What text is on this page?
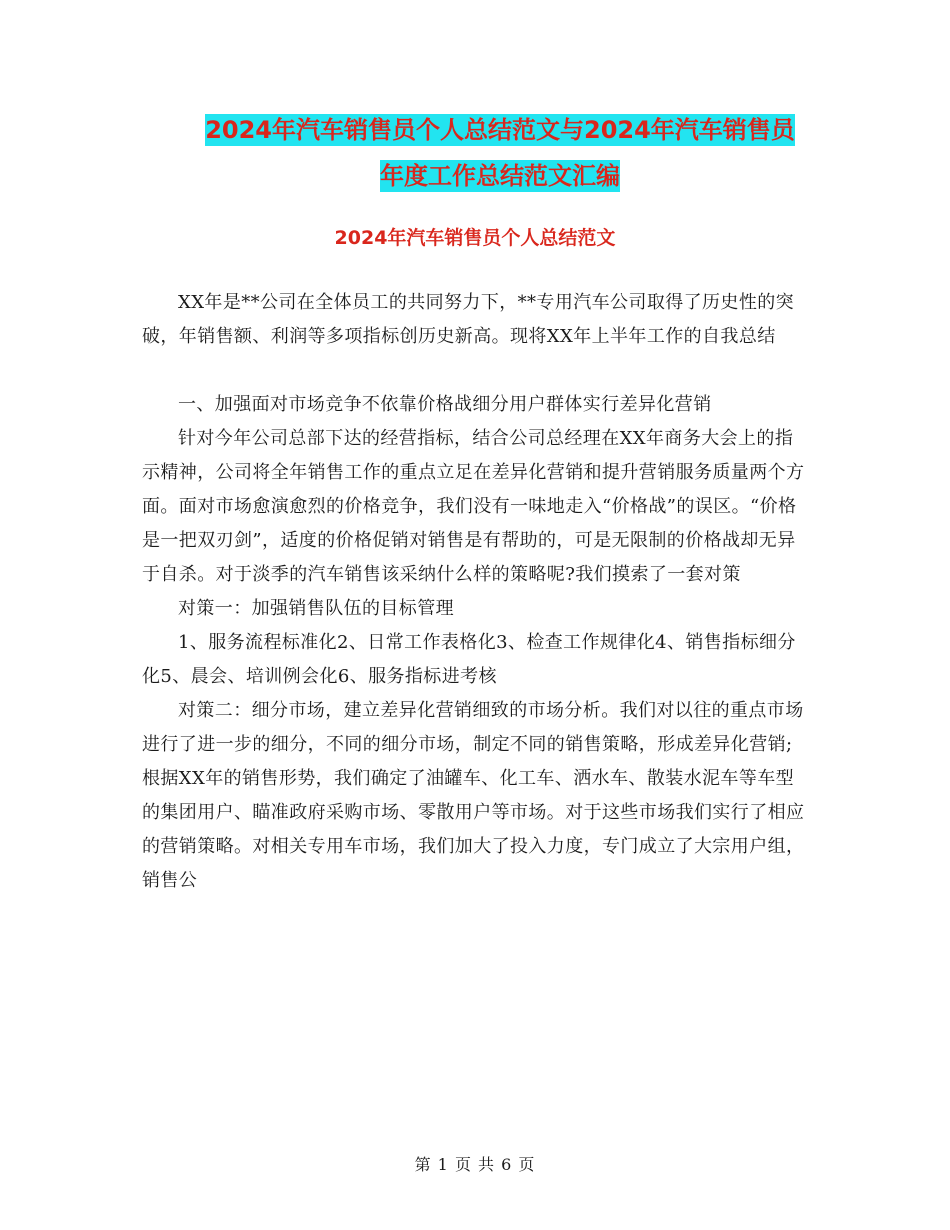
2024年汽车销售员个人总结范文与2024年汽车销售员
年度工作总结范文汇编
2024年汽车销售员个人总结范文

XX年是**公司在全体员工的共同努力下，**专用汽车公司取得了历史性的突破，年销售额、利润等多项指标创历史新高。现将XX年上半年工作的自我总结

一、加强面对市场竞争不依靠价格战细分用户群体实行差异化营销

针对今年公司总部下达的经营指标，结合公司总经理在XX年商务大会上的指示精神，公司将全年销售工作的重点立足在差异化营销和提升营销服务质量两个方面。面对市场愈演愈烈的价格竞争，我们没有一味地走入“价格战”的误区。“价格是一把双刃剑”，适度的价格促销对销售是有帮助的，可是无限制的价格战却无异于自杀。对于淡季的汽车销售该采纳什么样的策略呢?我们摸索了一套对策

对策一：加强销售队伍的目标管理

1、服务流程标准化2、日常工作表格化3、检查工作规律化4、销售指标细分化5、晨会、培训例会化6、服务指标进考核

对策二：细分市场，建立差异化营销细致的市场分析。我们对以往的重点市场进行了进一步的细分，不同的细分市场，制定不同的销售策略，形成差异化营销;根据XX年的销售形势，我们确定了油罐车、化工车、洒水车、散装水泥车等车型的集团用户、瞄准政府采购市场、零散用户等市场。对于这些市场我们实行了相应的营销策略。对相关专用车市场，我们加大了投入力度，专门成立了大宗用户组，销售公

第 1 页 共 6 页
